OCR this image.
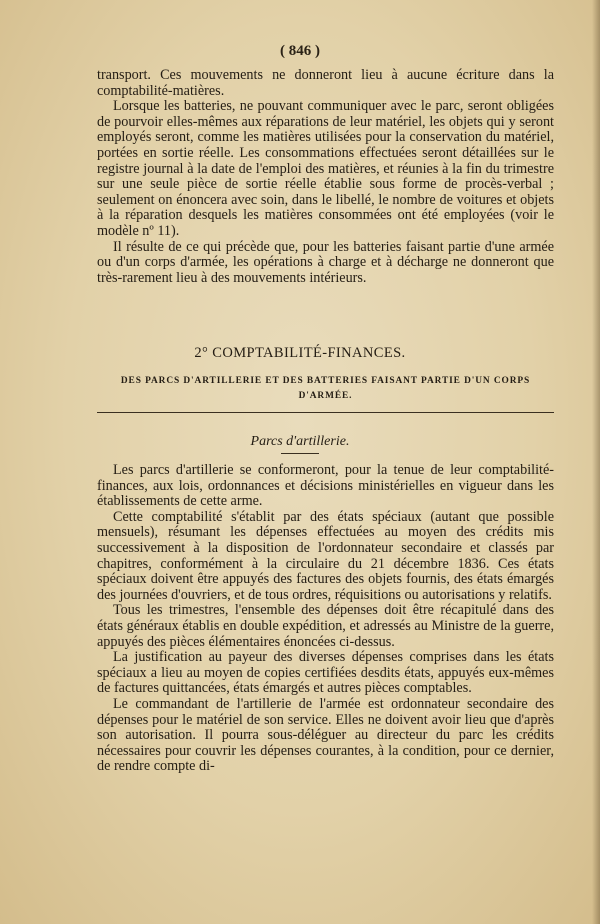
( 846 )

transport. Ces mouvements ne donneront lieu à aucune écriture dans la comptabilité-matières.

Lorsque les batteries, ne pouvant communiquer avec le parc, seront obligées de pourvoir elles-mêmes aux réparations de leur matériel, les objets qui y seront employés seront, comme les matières utilisées pour la conservation du matériel, portées en sortie réelle. Les consommations effectuées seront détaillées sur le registre journal à la date de l'emploi des matières, et réunies à la fin du trimestre sur une seule pièce de sortie réelle établie sous forme de procès-verbal ; seulement on énoncera avec soin, dans le libellé, le nombre de voitures et objets à la réparation desquels les matières consommées ont été employées (voir le modèle nº 11).

Il résulte de ce qui précède que, pour les batteries faisant partie d'une armée ou d'un corps d'armée, les opérations à charge et à décharge ne donneront que très-rarement lieu à des mouvements intérieurs.

2° COMPTABILITÉ-FINANCES.
DES PARCS D'ARTILLERIE ET DES BATTERIES FAISANT PARTIE D'UN CORPS D'ARMÉE.
Parcs d'artillerie.

Les parcs d'artillerie se conformeront, pour la tenue de leur comptabilité-finances, aux lois, ordonnances et décisions ministérielles en vigueur dans les établissements de cette arme.

Cette comptabilité s'établit par des états spéciaux (autant que possible mensuels), résumant les dépenses effectuées au moyen des crédits mis successivement à la disposition de l'ordonnateur secondaire et classés par chapitres, conformément à la circulaire du 21 décembre 1836. Ces états spéciaux doivent être appuyés des factures des objets fournis, des états émargés des journées d'ouvriers, et de tous ordres, réquisitions ou autorisations y relatifs.

Tous les trimestres, l'ensemble des dépenses doit être récapitulé dans des états généraux établis en double expédition, et adressés au Ministre de la guerre, appuyés des pièces élémentaires énoncées ci-dessus.

La justification au payeur des diverses dépenses comprises dans les états spéciaux a lieu au moyen de copies certifiées desdits états, appuyés eux-mêmes de factures quittancées, états émargés et autres pièces comptables.

Le commandant de l'artillerie de l'armée est ordonnateur secondaire des dépenses pour le matériel de son service. Elles ne doivent avoir lieu que d'après son autorisation. Il pourra sous-déléguer au directeur du parc les crédits nécessaires pour couvrir les dépenses courantes, à la condition, pour ce dernier, de rendre compte di-
